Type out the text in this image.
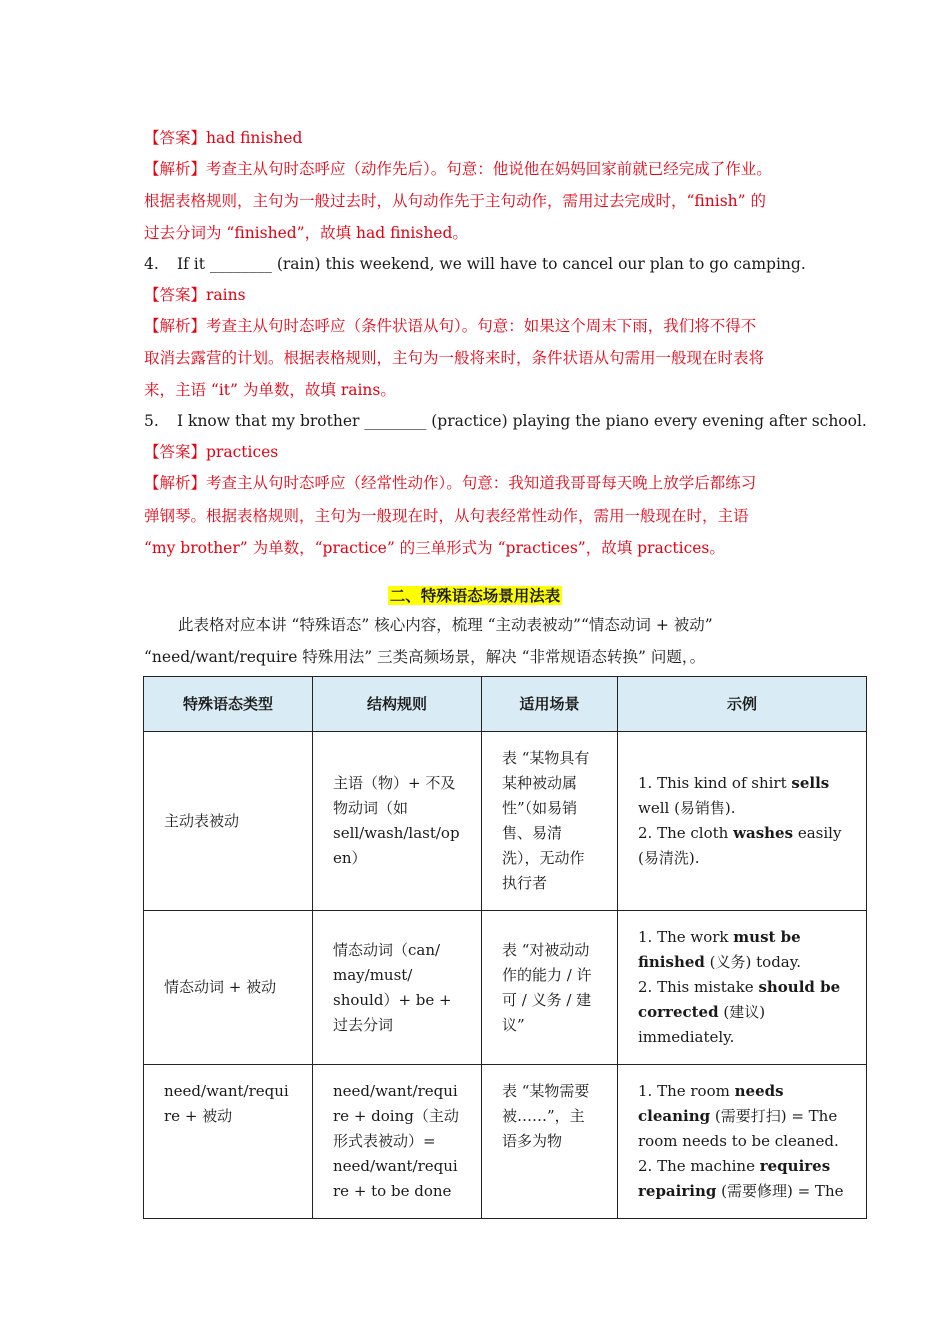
【答案】had finished
【解析】考查主从句时态呼应（动作先后）。句意：他说他在妈妈回家前就已经完成了作业。
根据表格规则，主句为一般过去时，从句动作先于主句动作，需用过去完成时，“finish” 的
过去分词为 “finished”，故填 had finished。
4. If it ________ (rain) this weekend, we will have to cancel our plan to go camping.
【答案】rains
【解析】考查主从句时态呼应（条件状语从句）。句意：如果这个周末下雨，我们将不得不
取消去露营的计划。根据表格规则，主句为一般将来时，条件状语从句需用一般现在时表将
来，主语 “it” 为单数，故填 rains。
5. I know that my brother ________ (practice) playing the piano every evening after school.
【答案】practices
【解析】考查主从句时态呼应（经常性动作）。句意：我知道我哥哥每天晚上放学后都练习
弹钢琴。根据表格规则，主句为一般现在时，从句表经常性动作，需用一般现在时，主语
“my brother” 为单数，“practice” 的三单形式为 “practices”，故填 practices。
二、特殊语态场景用法表
此表格对应本讲 “特殊语态” 核心内容，梳理 “主动表被动”“情态动词 + 被动”
“need/want/require 特殊用法” 三类高频场景，解决 “非常规语态转换” 问题，。
特殊语态类型	结构规则	适用场景	示例
主动表被动	主语（物）+ 不及物动词（如 sell/wash/last/open）	表 “某物具有某种被动属性”（如易销售、易清洗），无动作执行者	1. This kind of shirt sells well (易销售).
2. The cloth washes easily (易清洗).

情态动词 + 被动	情态动词（can/ may/must/ should）+ be + 过去分词	表 “对被动动作的能力 / 许可 / 义务 / 建议”	1. The work must be finished (义务) today.
2. This mistake should be corrected (建议) immediately.

need/want/require + 被动	need/want/require + doing（主动形式表被动）= need/want/require + to be done	表 “某物需要被……”，主语多为物	1. The room needs cleaning (需要打扫) = The room needs to be cleaned.
2. The machine requires repairing (需要修理) = The
